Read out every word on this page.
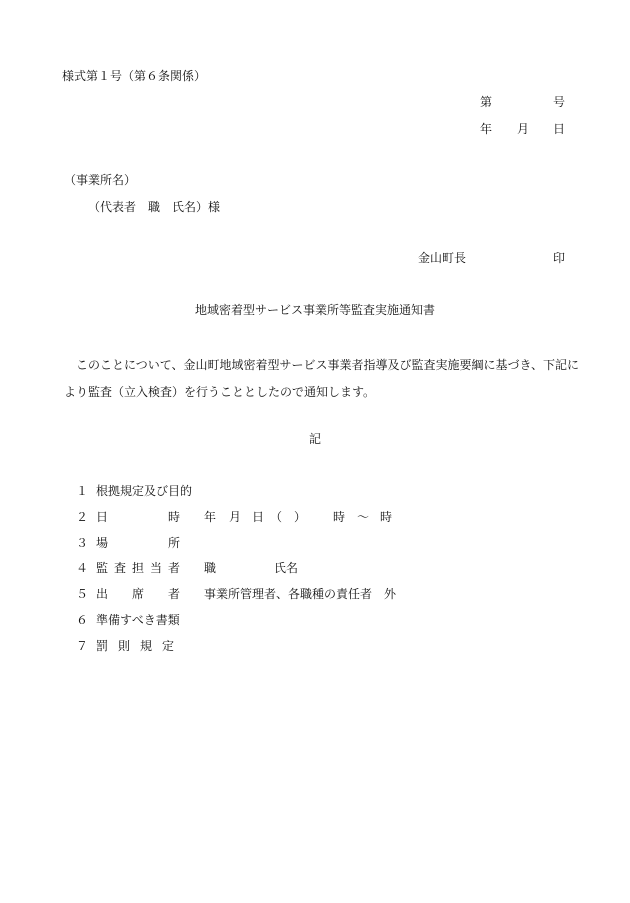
様式第１号（第６条関係）
第	号
年 月 日
（事業所名）
（代表者　職　氏名）様
金山町長	印
地域密着型サービス事業所等監査実施通知書

このことについて、金山町地域密着型サービス事業者指導及び監査実施要綱に基づき、下記に

より監査（立入検査）を行うこととしたので通知します。

記
１ 根拠規定及び目的
２ 日	時 年 月 日 （　） 時 ～ 時
３ 場	所
４ 監査担当者 職	氏名
５ 出 席 者 事業所管理者、各職種の責任者　外
６ 準備すべき書類
７ 罰則規定
